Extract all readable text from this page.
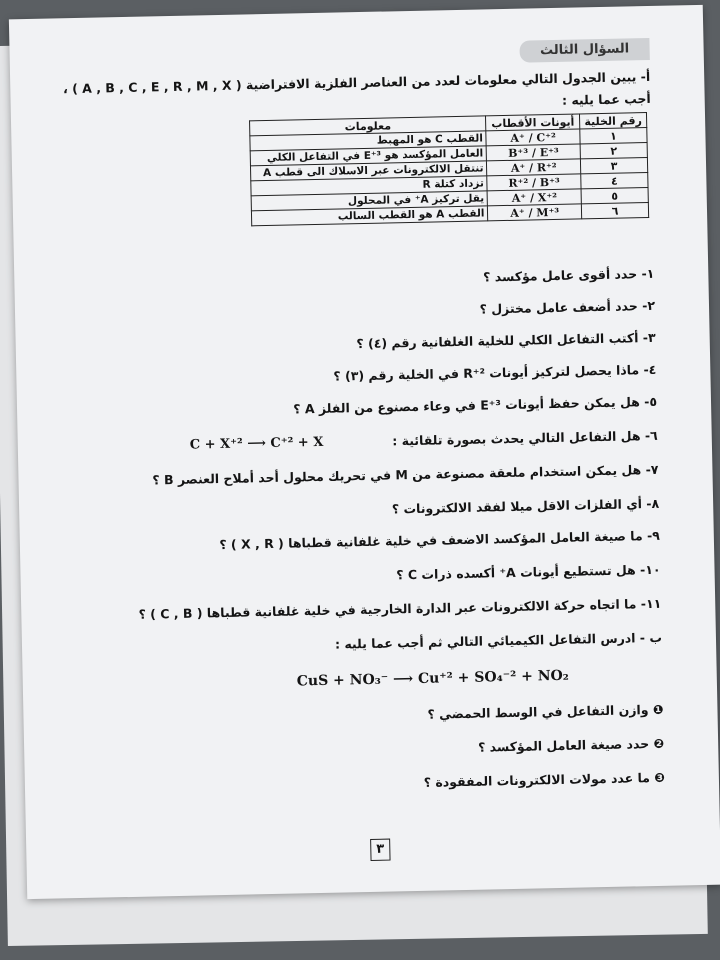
السؤال الثالث
أ- يبين الجدول التالي معلومات لعدد من العناصر الفلزية الافتراضية ( A , B , C , E , R , M , X ) ، أجب عما يليه :
رقم الخلية	أيونات الأقطاب	معلومات
١	A⁺ / C⁺²	القطب C هو المهبط
٢	B⁺³ / E⁺³	العامل المؤكسد هو E⁺³ في التفاعل الكلي
٣	A⁺ / R⁺²	تنتقل الالكترونات عبر الاسلاك الى قطب A
٤	R⁺² / B⁺³	تزداد كتلة R
٥	A⁺ / X⁺²	يقل تركيز A⁺ في المحلول
٦	A⁺ / M⁺³	القطب A هو القطب السالب
١- حدد أقوى عامل مؤكسد ؟
٢- حدد أضعف عامل مختزل ؟
٣- أكتب التفاعل الكلي للخلية الغلفانية رقم (٤) ؟
٤- ماذا يحصل لتركيز أيونات R⁺² في الخلية رقم (٣) ؟
٥- هل يمكن حفظ أيونات E⁺³ في وعاء مصنوع من الفلز A ؟
٦- هل التفاعل التالي يحدث بصورة تلقائية :
C + X⁺² ⟶ C⁺² + X
٧- هل يمكن استخدام ملعقة مصنوعة من M في تحريك محلول أحد أملاح العنصر B ؟
٨- أي الفلزات الاقل ميلا لفقد الالكترونات ؟
٩- ما صيغة العامل المؤكسد الاضعف في خلية غلفانية قطباها ( X , R ) ؟
١٠- هل تستطيع أيونات A⁺ أكسده ذرات C ؟
١١- ما اتجاه حركة الالكترونات عبر الدارة الخارجية في خلية غلفانية قطباها ( C , B ) ؟
ب - ادرس التفاعل الكيميائي التالي ثم أجب عما يليه :
CuS + NO₃⁻ ⟶ Cu⁺² + SO₄⁻² + NO₂
❶ وازن التفاعل في الوسط الحمضي ؟
❷ حدد صيغة العامل المؤكسد ؟
❸ ما عدد مولات الالكترونات المفقودة ؟
٣
